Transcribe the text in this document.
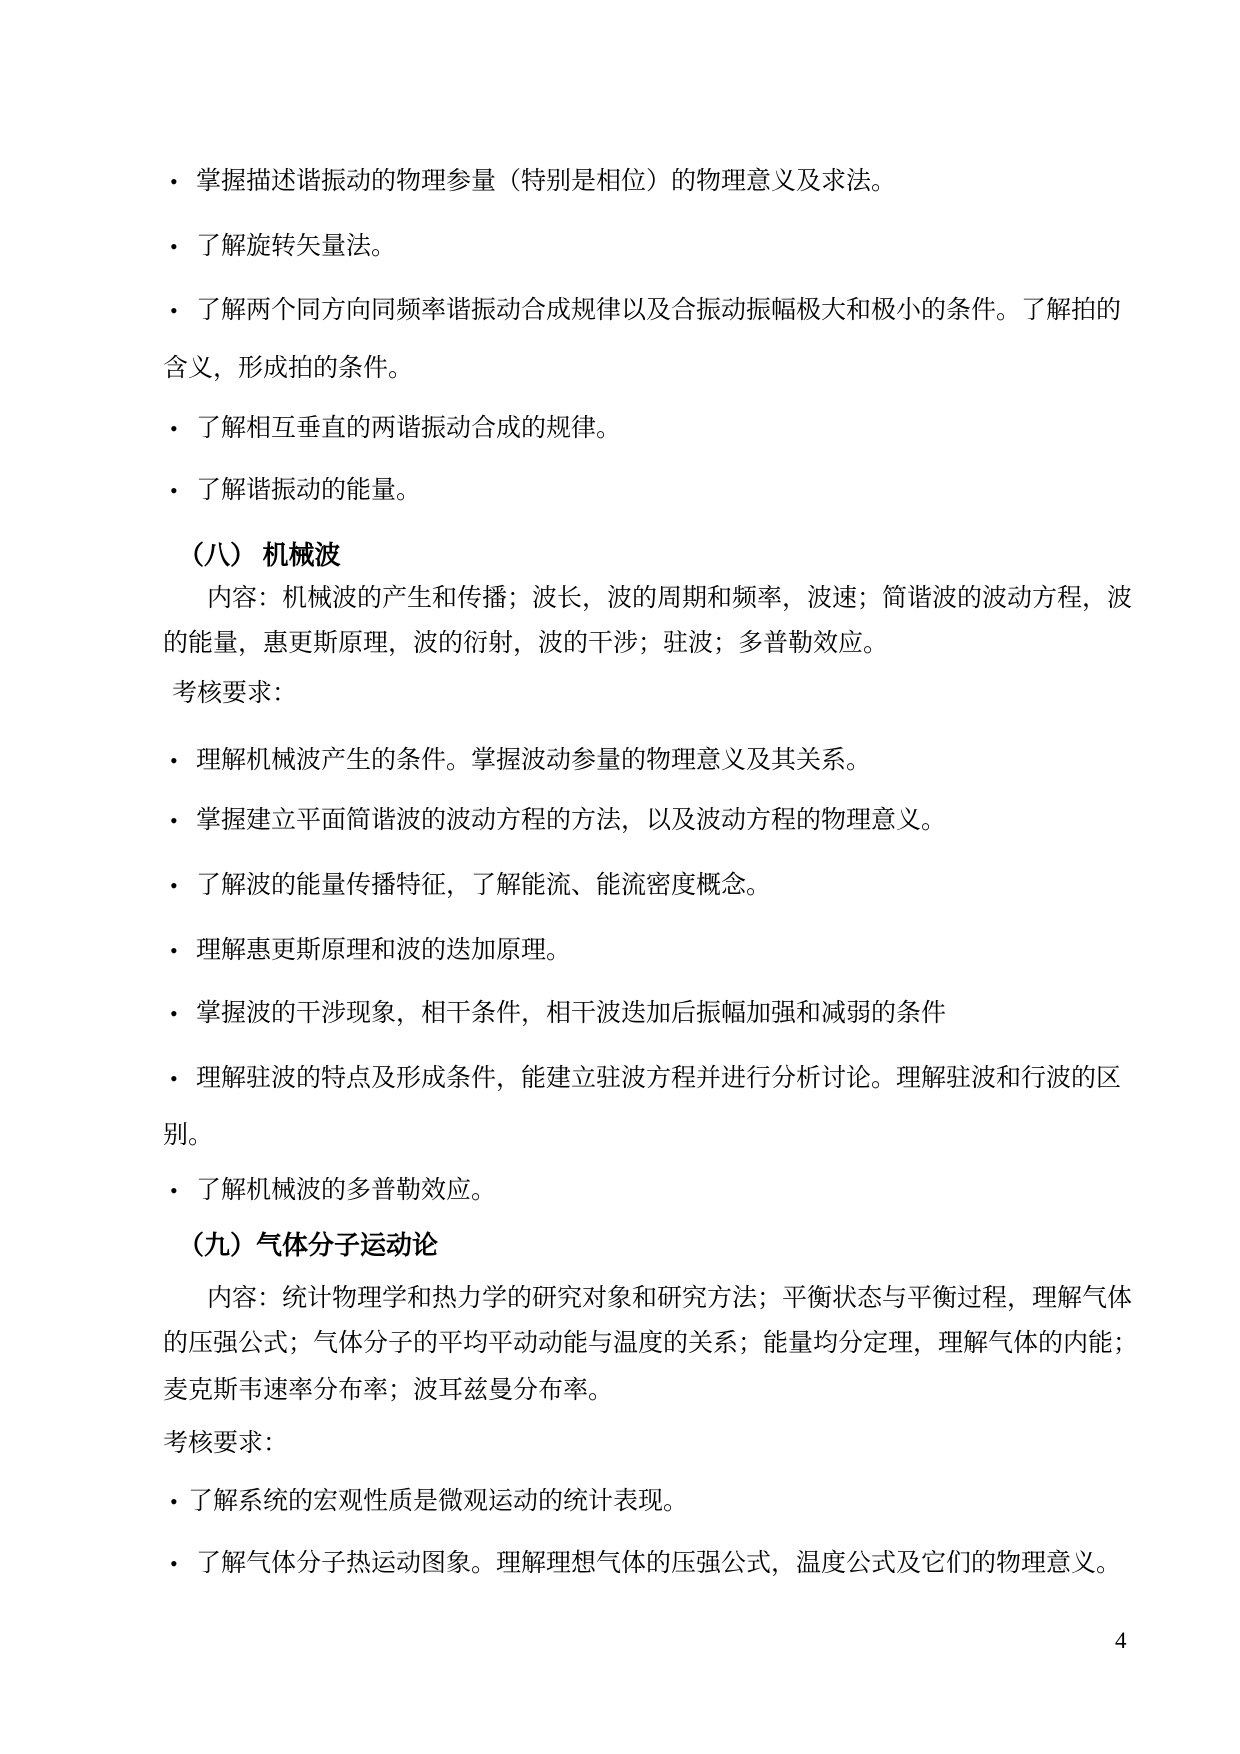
• 掌握描述谐振动的物理参量（特别是相位）的物理意义及求法。
• 了解旋转矢量法。
• 了解两个同方向同频率谐振动合成规律以及合振动振幅极大和极小的条件。了解拍的
含义，形成拍的条件。
• 了解相互垂直的两谐振动合成的规律。
• 了解谐振动的能量。
（八） 机械波
内容：机械波的产生和传播；波长，波的周期和频率，波速；简谐波的波动方程，波
的能量，惠更斯原理，波的衍射，波的干涉；驻波；多普勒效应。
考核要求：
• 理解机械波产生的条件。掌握波动参量的物理意义及其关系。
• 掌握建立平面简谐波的波动方程的方法，以及波动方程的物理意义。
• 了解波的能量传播特征，了解能流、能流密度概念。
• 理解惠更斯原理和波的迭加原理。
• 掌握波的干涉现象，相干条件，相干波迭加后振幅加强和减弱的条件
• 理解驻波的特点及形成条件，能建立驻波方程并进行分析讨论。理解驻波和行波的区
别。
• 了解机械波的多普勒效应。
（九）气体分子运动论
内容：统计物理学和热力学的研究对象和研究方法；平衡状态与平衡过程，理解气体
的压强公式；气体分子的平均平动动能与温度的关系；能量均分定理，理解气体的内能；
麦克斯韦速率分布率；波耳兹曼分布率。
考核要求：
• 了解系统的宏观性质是微观运动的统计表现。
• 了解气体分子热运动图象。理解理想气体的压强公式，温度公式及它们的物理意义。
4
